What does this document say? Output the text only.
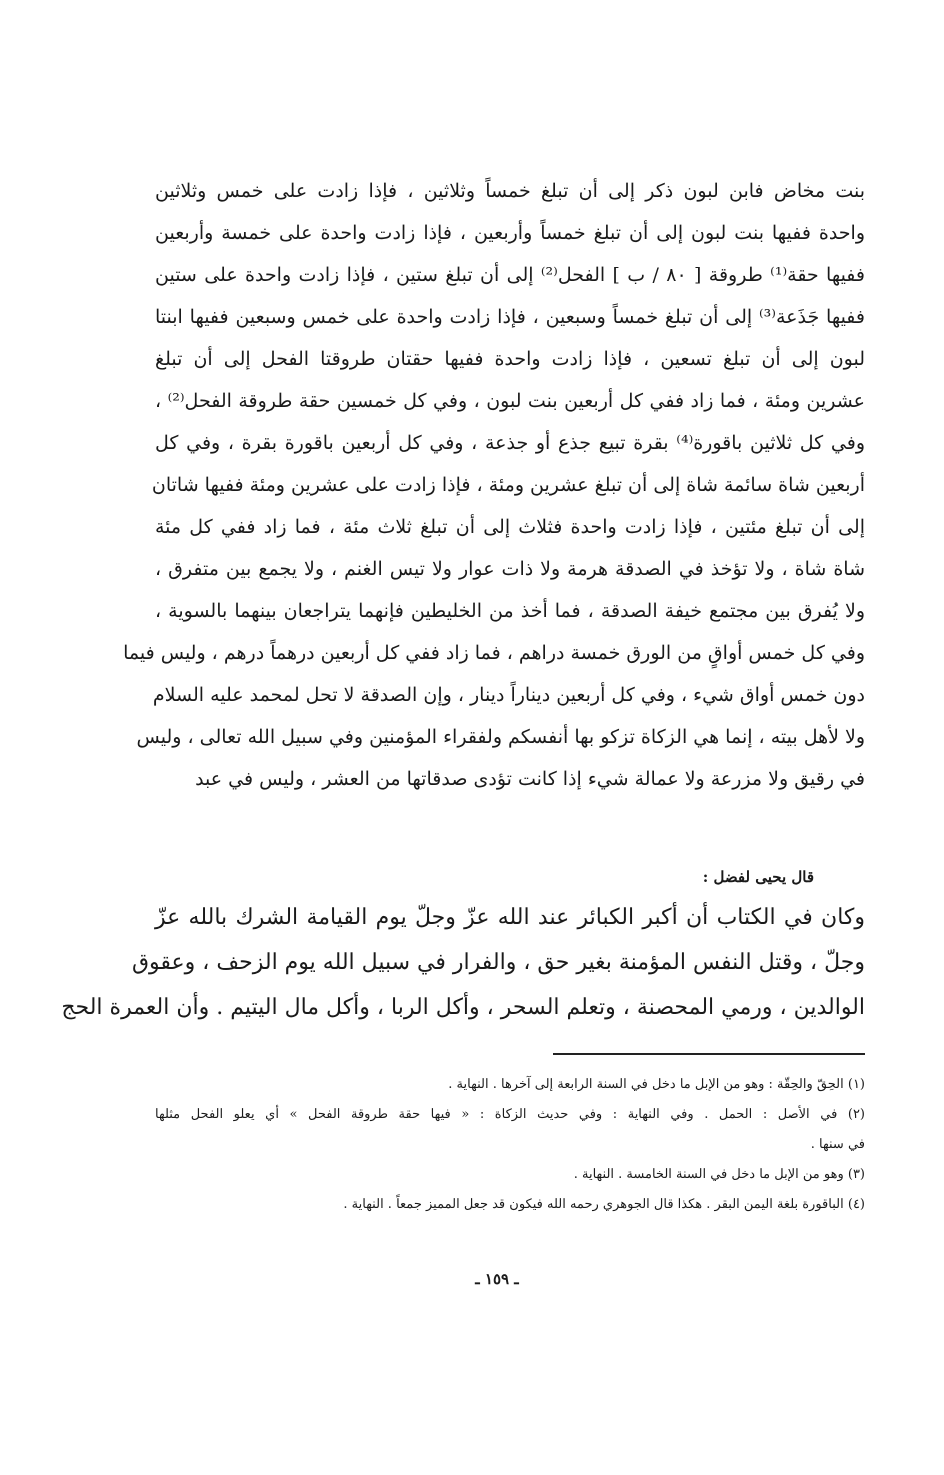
بنت مخاض فابن لبون ذكر إلى أن تبلغ خمساً وثلاثين ، فإذا زادت على خمس وثلاثين
واحدة ففيها بنت لبون إلى أن تبلغ خمساً وأربعين ، فإذا زادت واحدة على خمسة وأربعين
ففيها حقة⁽¹⁾ طروقة [ ٨٠ / ب ] الفحل⁽²⁾ إلى أن تبلغ ستين ، فإذا زادت واحدة على ستين
ففيها جَذَعة⁽³⁾ إلى أن تبلغ خمساً وسبعين ، فإذا زادت واحدة على خمس وسبعين ففيها ابنتا
لبون إلى أن تبلغ تسعين ، فإذا زادت واحدة ففيها حقتان طروقتا الفحل إلى أن تبلغ
عشرين ومئة ، فما زاد ففي كل أربعين بنت لبون ، وفي كل خمسين حقة طروقة الفحل⁽²⁾ ،
وفي كل ثلاثين باقورة⁽⁴⁾ بقرة تبيع جذع أو جذعة ، وفي كل أربعين باقورة بقرة ، وفي كل
أربعين شاة سائمة شاة إلى أن تبلغ عشرين ومئة ، فإذا زادت على عشرين ومئة ففيها شاتان
إلى أن تبلغ مئتين ، فإذا زادت واحدة فثلاث إلى أن تبلغ ثلاث مئة ، فما زاد ففي كل مئة
شاة شاة ، ولا تؤخذ في الصدقة هرمة ولا ذات عوار ولا تيس الغنم ، ولا يجمع بين متفرق ،
ولا يُفرق بين مجتمع خيفة الصدقة ، فما أخذ من الخليطين فإنهما يتراجعان بينهما بالسوية ،
وفي كل خمس أواقٍ من الورق خمسة دراهم ، فما زاد ففي كل أربعين درهماً درهم ، وليس فيما
دون خمس أواق شيء ، وفي كل أربعين ديناراً دينار ، وإن الصدقة لا تحل لمحمد عليه السلام
ولا لأهل بيته ، إنما هي الزكاة تزكو بها أنفسكم ولفقراء المؤمنين وفي سبيل الله تعالى ، وليس
في رقيق ولا مزرعة ولا عمالة شيء إذا كانت تؤدى صدقاتها من العشر ، وليس في عبد
قال يحيى لفضل :
وكان في الكتاب أن أكبر الكبائر عند الله عزّ وجلّ يوم القيامة الشرك بالله عزّ
وجلّ ، وقتل النفس المؤمنة بغير حق ، والفرار في سبيل الله يوم الزحف ، وعقوق
الوالدين ، ورمي المحصنة ، وتعلم السحر ، وأكل الربا ، وأكل مال اليتيم . وأن العمرة الحج
(١) الحِقّ والحِقّة : وهو من الإبل ما دخل في السنة الرابعة إلى آخرها . النهاية .
(٢) في الأصل : الحمل . وفي النهاية : وفي حديث الزكاة : « فيها حقة طروقة الفحل » أي يعلو الفحل مثلها
في سنها .
(٣) وهو من الإبل ما دخل في السنة الخامسة . النهاية .
(٤) الباقورة بلغة اليمن البقر . هكذا قال الجوهري رحمه الله فيكون قد جعل المميز جمعاً . النهاية .
ـ ١٥٩ ـ
